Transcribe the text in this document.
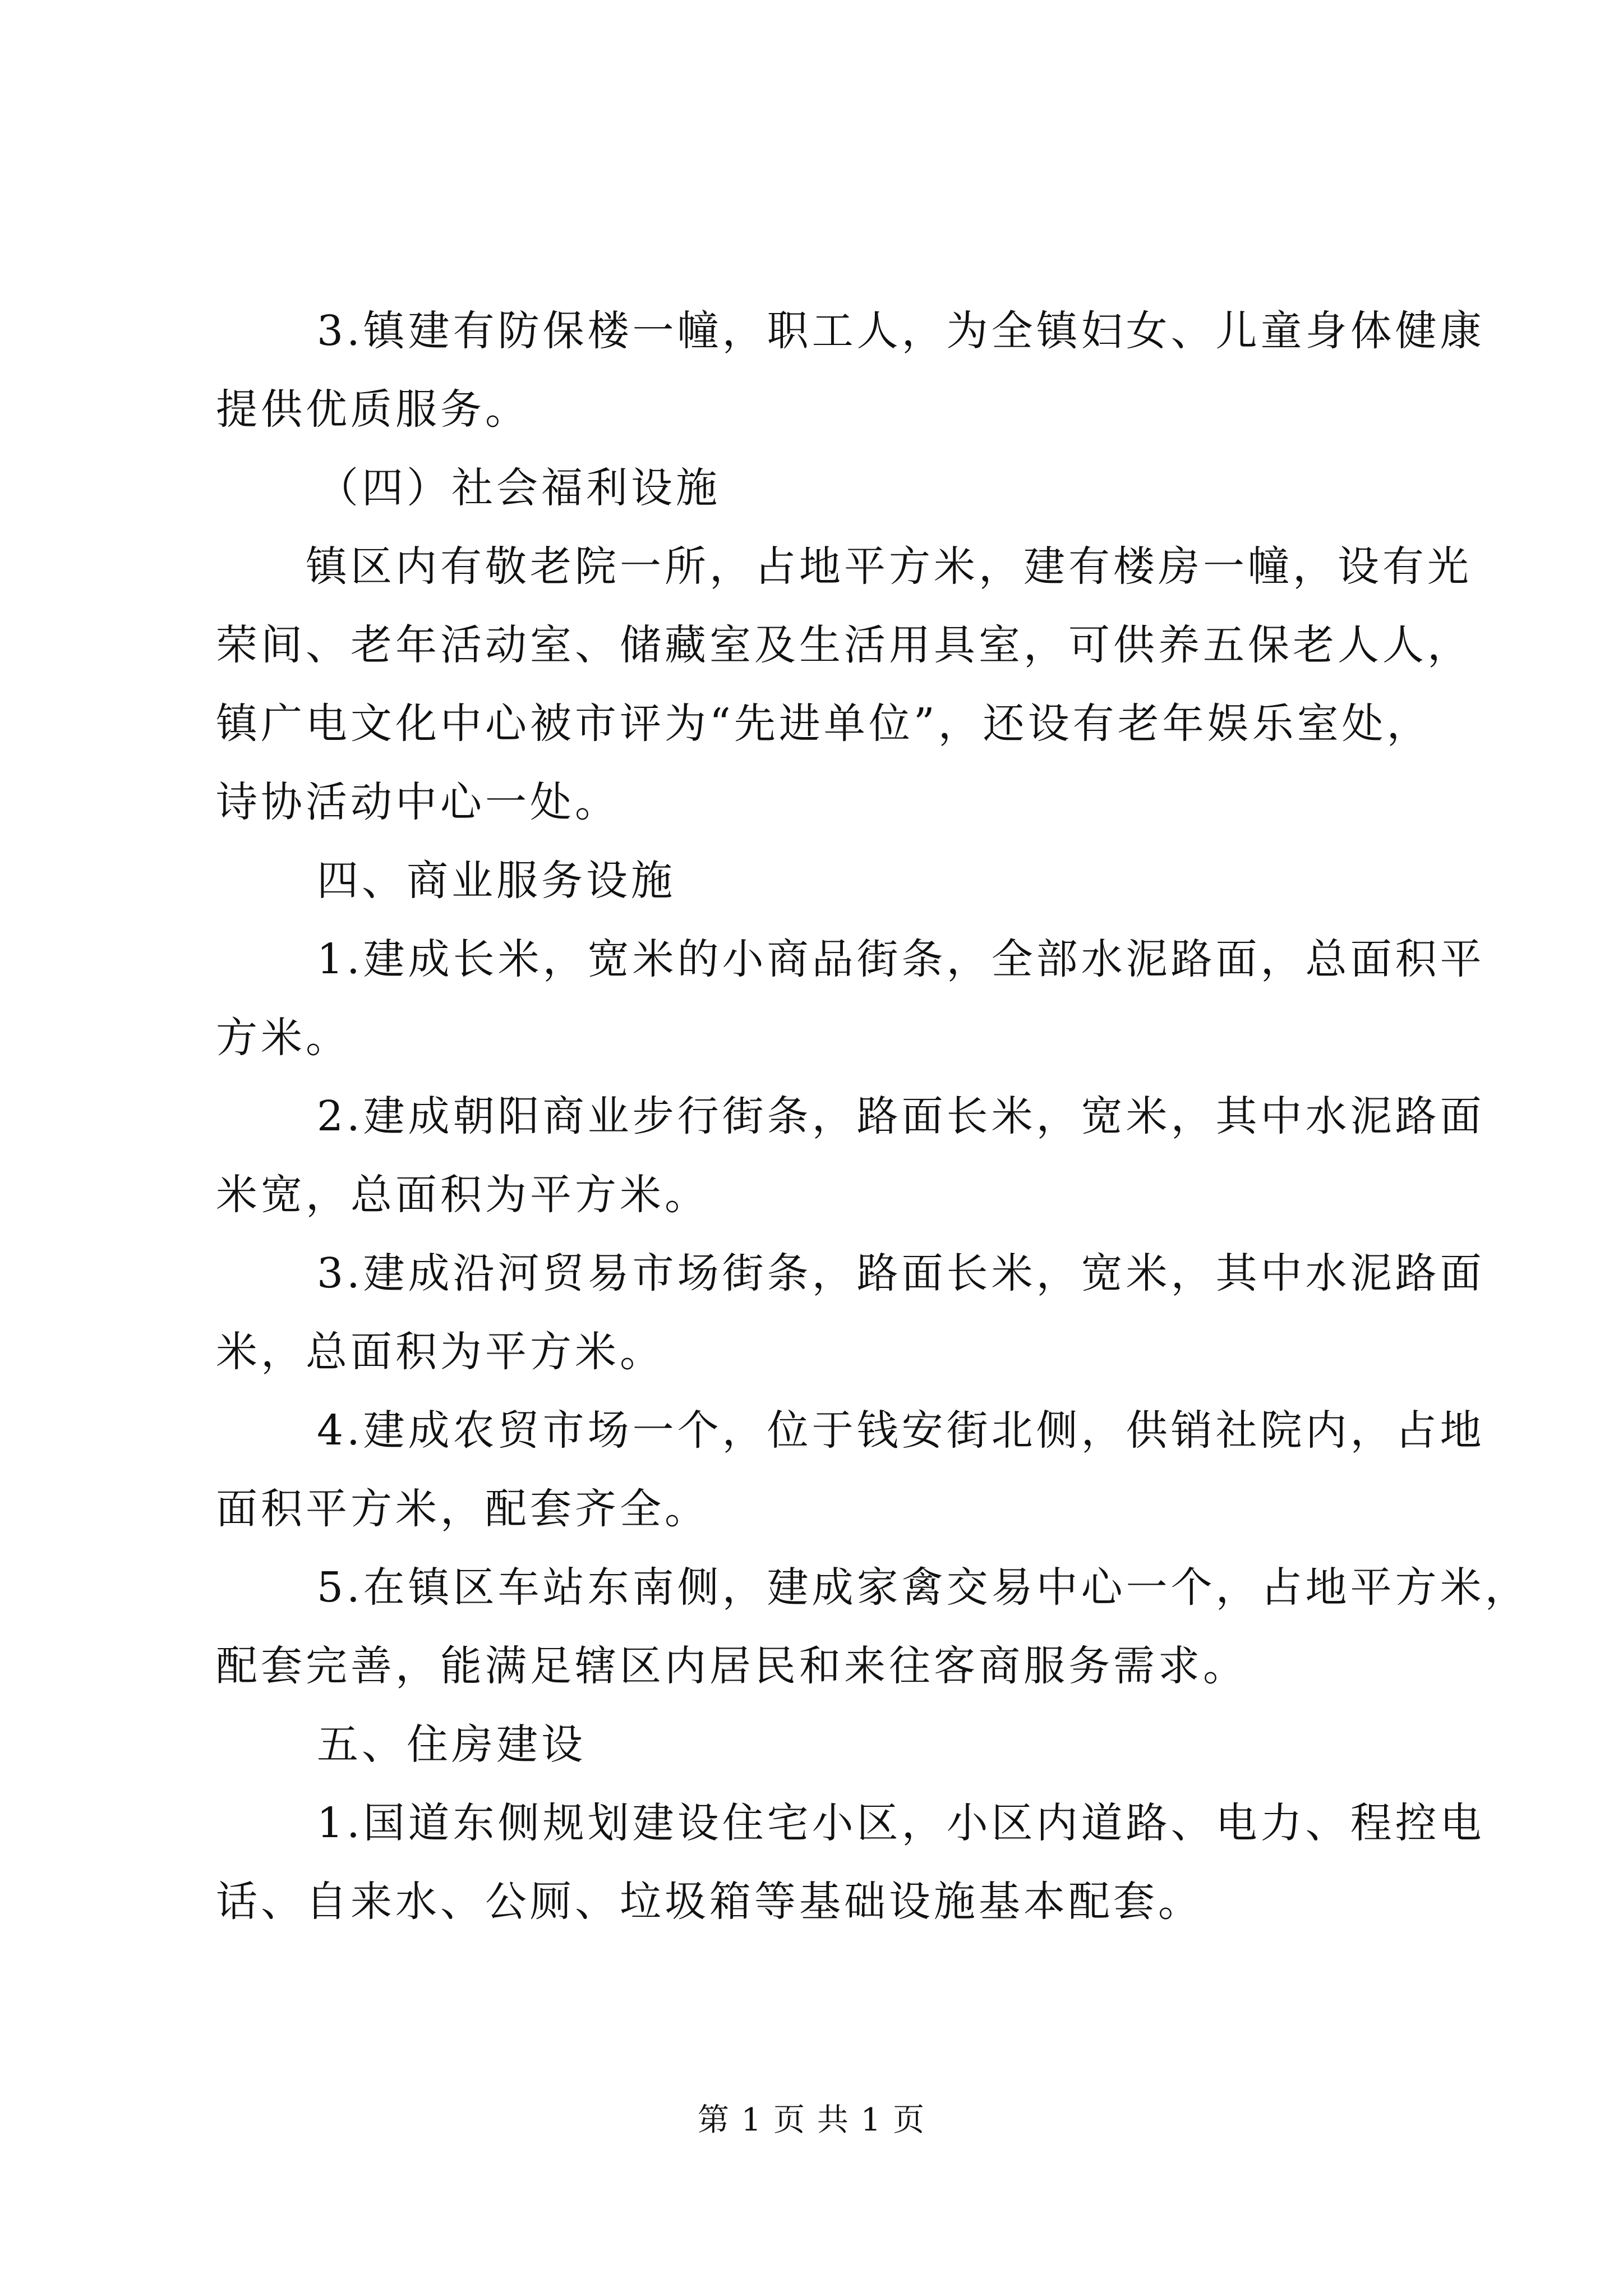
3.镇建有防保楼一幢，职工人，为全镇妇女、儿童身体健康
提供优质服务。
（四）社会福利设施
镇区内有敬老院一所，占地平方米，建有楼房一幢，设有光
荣间、老年活动室、储藏室及生活用具室，可供养五保老人人，
镇广电文化中心被市评为“先进单位”，还设有老年娱乐室处，
诗协活动中心一处。
四、商业服务设施
1.建成长米，宽米的小商品街条，全部水泥路面，总面积平
方米。
2.建成朝阳商业步行街条，路面长米，宽米，其中水泥路面
米宽，总面积为平方米。
3.建成沿河贸易市场街条，路面长米，宽米，其中水泥路面
米，总面积为平方米。
4.建成农贸市场一个，位于钱安街北侧，供销社院内，占地
面积平方米，配套齐全。
5.在镇区车站东南侧，建成家禽交易中心一个，占地平方米，
配套完善，能满足辖区内居民和来往客商服务需求。
五、住房建设
1.国道东侧规划建设住宅小区，小区内道路、电力、程控电
话、自来水、公厕、垃圾箱等基础设施基本配套。
第 1 页 共 1 页
